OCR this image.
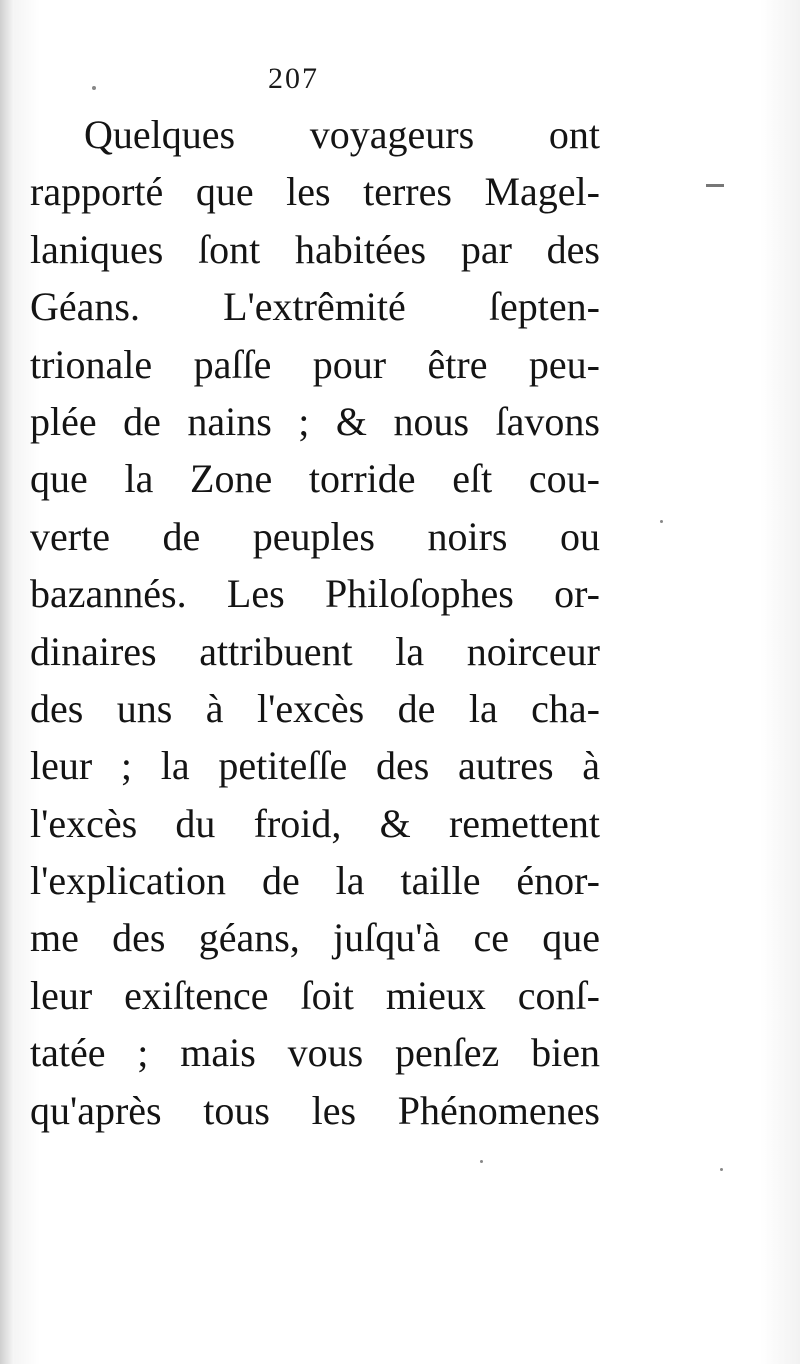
207
Quelques voyageurs ont
rapporté que les terres Magel-
laniques ſont habitées par des
Géans. L'extrêmité ſepten-
trionale paſſe pour être peu-
plée de nains ; & nous ſavons
que la Zone torride eſt cou-
verte de peuples noirs ou
bazannés. Les Philoſophes or-
dinaires attribuent la noirceur
des uns à l'excès de la cha-
leur ; la petiteſſe des autres à
l'excès du froid, & remettent
l'explication de la taille énor-
me des géans, juſqu'à ce que
leur exiſtence ſoit mieux conſ-
tatée ; mais vous penſez bien
qu'après tous les Phénomenes
